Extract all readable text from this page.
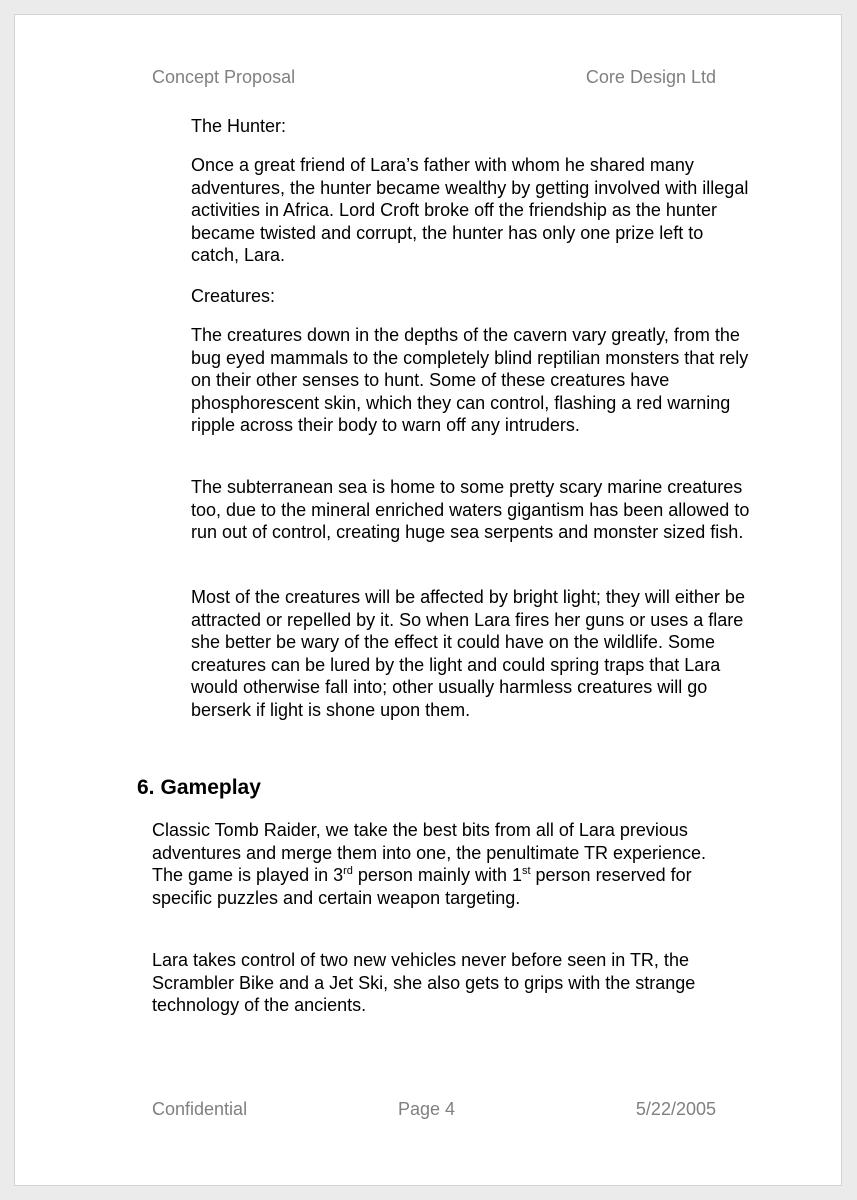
Concept Proposal	Core Design Ltd

The Hunter:

Once a great friend of Lara’s father with whom he shared many adventures, the hunter became wealthy by getting involved with illegal activities in Africa. Lord Croft broke off the friendship as the hunter became twisted and corrupt, the hunter has only one prize left to catch, Lara.

Creatures:

The creatures down in the depths of the cavern vary greatly, from the bug eyed mammals to the completely blind reptilian monsters that rely on their other senses to hunt. Some of these creatures have phosphorescent skin, which they can control, flashing a red warning ripple across their body to warn off any intruders.

The subterranean sea is home to some pretty scary marine creatures too, due to the mineral enriched waters gigantism has been allowed to run out of control, creating huge sea serpents and monster sized fish.

Most of the creatures will be affected by bright light; they will either be attracted or repelled by it. So when Lara fires her guns or uses a flare she better be wary of the effect it could have on the wildlife. Some creatures can be lured by the light and could spring traps that Lara would otherwise fall into; other usually harmless creatures will go berserk if light is shone upon them.

6. Gameplay

Classic Tomb Raider, we take the best bits from all of Lara previous adventures and merge them into one, the penultimate TR experience. The game is played in 3rd person mainly with 1st person reserved for specific puzzles and certain weapon targeting.

Lara takes control of two new vehicles never before seen in TR, the Scrambler Bike and a Jet Ski, she also gets to grips with the strange technology of the ancients.

Confidential	Page 4	5/22/2005
